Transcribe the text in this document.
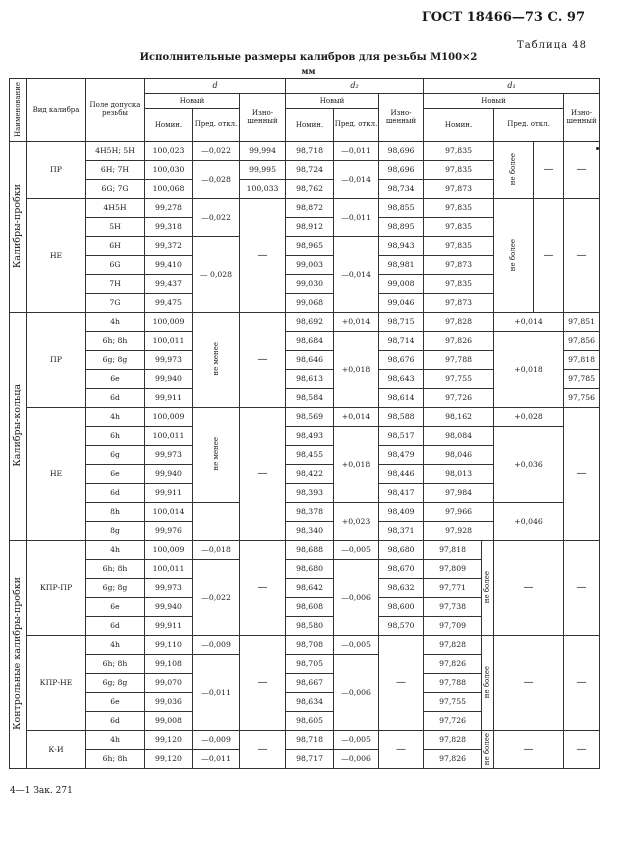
ГОСТ 18466—73 С. 97
Таблица 48
Исполнительные размеры калибров для резьбы М100×2
мм
Наименование	Вид калибра	Поле допуска резьбы	d			d₂			d₁				
			Новый		Изно-шенный	Новый		Изно-шенный	Новый				Изно-шенный
			Номин.	Пред. откл.		Номин.	Пред. откл.		Номин.		Пред. откл.		
Калибры-пробки	ПР	4H5H; 5H	100,023	—0,022	99,994	98,718	—0,011	98,696	97,835		не более	—	—
		6H; 7H	100,030	—0,028	99,995	98,724	—0,014	98,696	97,835				
		6G; 7G	100,068		100,033	98,762		98,734	97,873				
	НЕ	4H5H	99,278	—0,022	—	98,872	—0,011	98,855	97,835		не более	—	—
		5H	99,318			98,912		98,895	97,835				
		6H	99,372	— 0,028		98,965	—0,014	98,943	97,835				
		6G	99,410			99,003		98,981	97,873				
		7H	99,437			99,030		99,008	97,835				
		7G	99,475			99,068		99,046	97,873				
Калибры-кольца	ПР	4h	100,009	не менее	—	98,692	+0,014	98,715	97,828		+0,014		97,851
		6h; 8h	100,011			98,684	+0,018	98,714	97,826		+0,018		97,856
		6g; 8g	99,973			98,646		98,676	97,788				97,818
		6e	99,940			98,613		98,643	97,755				97,785
		6d	99,911			98,584		98,614	97,726				97,756
	НЕ	4h	100,009	не менее	—	98,569	+0,014	98,588	98,162		+0,028		—
		6h	100,011			98,493	+0,018	98,517	98,084		+0,036		
		6g	99,973			98,455		98,479	98,046				
		6e	99,940			98,422		98,446	98,013				
		6d	99,911			98,393		98,417	97,984				
		8h	100,014			98,378	+0,023	98,409	97,966		+0,046		
		8g	99,976			98,340		98,371	97,928				
Контрольные калибры-пробки	КПР-ПР	4h	100,009	—0,018	—	98,688	—0,005	98,680	97,818	не более	—		—
		6h; 8h	100,011	—0,022		98,680	—0,006	98,670	97,809				
		6g; 8g	99,973			98,642		98,632	97,771				
		6e	99,940			98,608		98,600	97,738				
		6d	99,911			98,580		98,570	97,709				
	КПР-НЕ	4h	99,110	—0,009	—	98,708	—0,005	—	97,828	не более	—		—
		6h; 8h	99,108	—0,011		98,705	—0,006		97,826				
		6g; 8g	99,070			98,667			97,788				
		6e	99,036			98,634			97,755				
		6d	99,008			98,605			97,726				
	К-И	4h	99,120	—0,009	—	98,718	—0,005	—	97,828	не более	—		—
		6h; 8h	99,120	—0,011		98,717	—0,006		97,826				
4—1 Зак. 271
